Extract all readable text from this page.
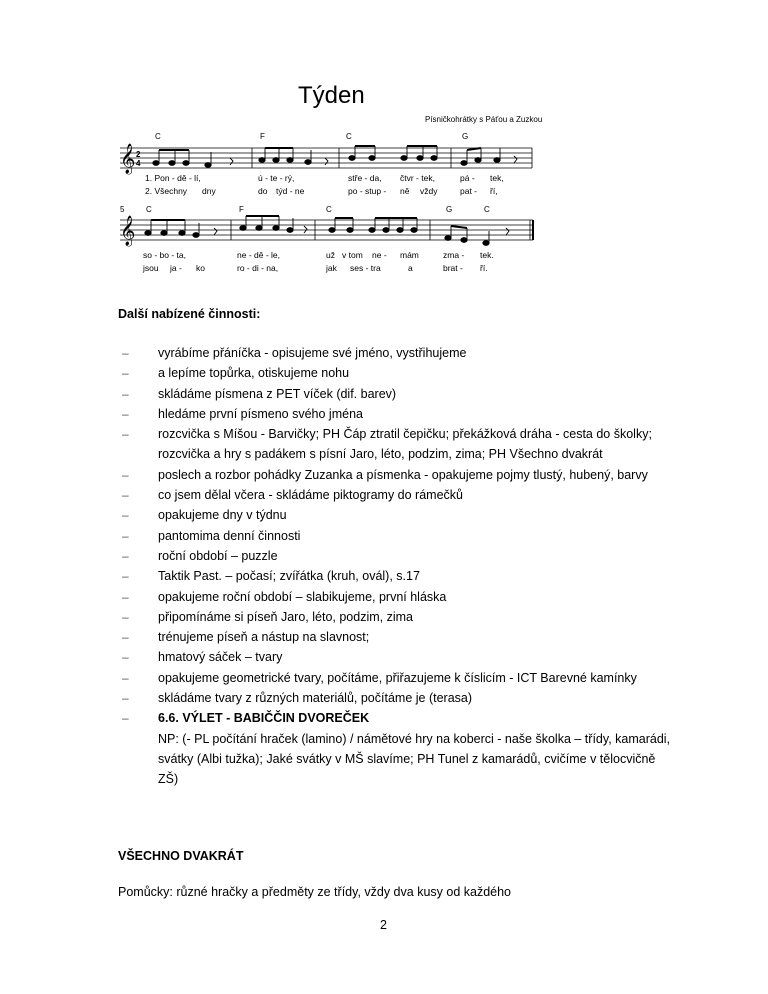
Týden
Písničkohrátky s Páťou a Zuzkou
𝄞 2
4
𝄞
5
C	F	C	G
1. Pon - dě - lí,	ú - te - rý,	stře - da, čtvr - tek,	pá - tek,
2. Všechny dny	do týd - ne	po - stup - ně vždy	pat - ří,
C	F	C	G	C
so - bo - ta,	ne - dě - le,	už v tom ne - mám	zma - tek.
jsou ja - ko	ro - di - na,	jak ses - tra	a	brat - ří.
Další nabízené činnosti:
– vyrábíme přáníčka - opisujeme své jméno, vystřihujeme
– a lepíme topůrka, otiskujeme nohu
– skládáme písmena z PET víček (dif. barev)
– hledáme první písmeno svého jména
– rozcvička s Míšou - Barvičky; PH Čáp ztratil čepičku; překážková dráha - cesta do školky; rozcvička a hry s padákem s písní Jaro, léto, podzim, zima; PH Všechno dvakrát
– poslech a rozbor pohádky Zuzanka a písmenka - opakujeme pojmy tlustý, hubený, barvy
– co jsem dělal včera - skládáme piktogramy do rámečků
– opakujeme dny v týdnu
– pantomima denní činnosti
– roční období – puzzle
– Taktik Past. – počasí; zvířátka (kruh, ovál), s.17
– opakujeme roční období – slabikujeme, první hláska
– připomínáme si píseň Jaro, léto, podzim, zima
– trénujeme píseň a nástup na slavnost;
– hmatový sáček – tvary
– opakujeme geometrické tvary, počítáme, přiřazujeme k číslicím - ICT Barevné kamínky
– skládáme tvary z různých materiálů, počítáme je (terasa)
– 6.6. VÝLET - BABIČČIN DVOREČEK
NP: (- PL počítání hraček (lamino) / námětové hry na koberci - naše školka – třídy, kamarádi, svátky (Albi tužka); Jaké svátky v MŠ slavíme; PH Tunel z kamarádů, cvičíme v tělocvičně ZŠ)
VŠECHNO DVAKRÁT
Pomůcky: různé hračky a předměty ze třídy, vždy dva kusy od každého
2
